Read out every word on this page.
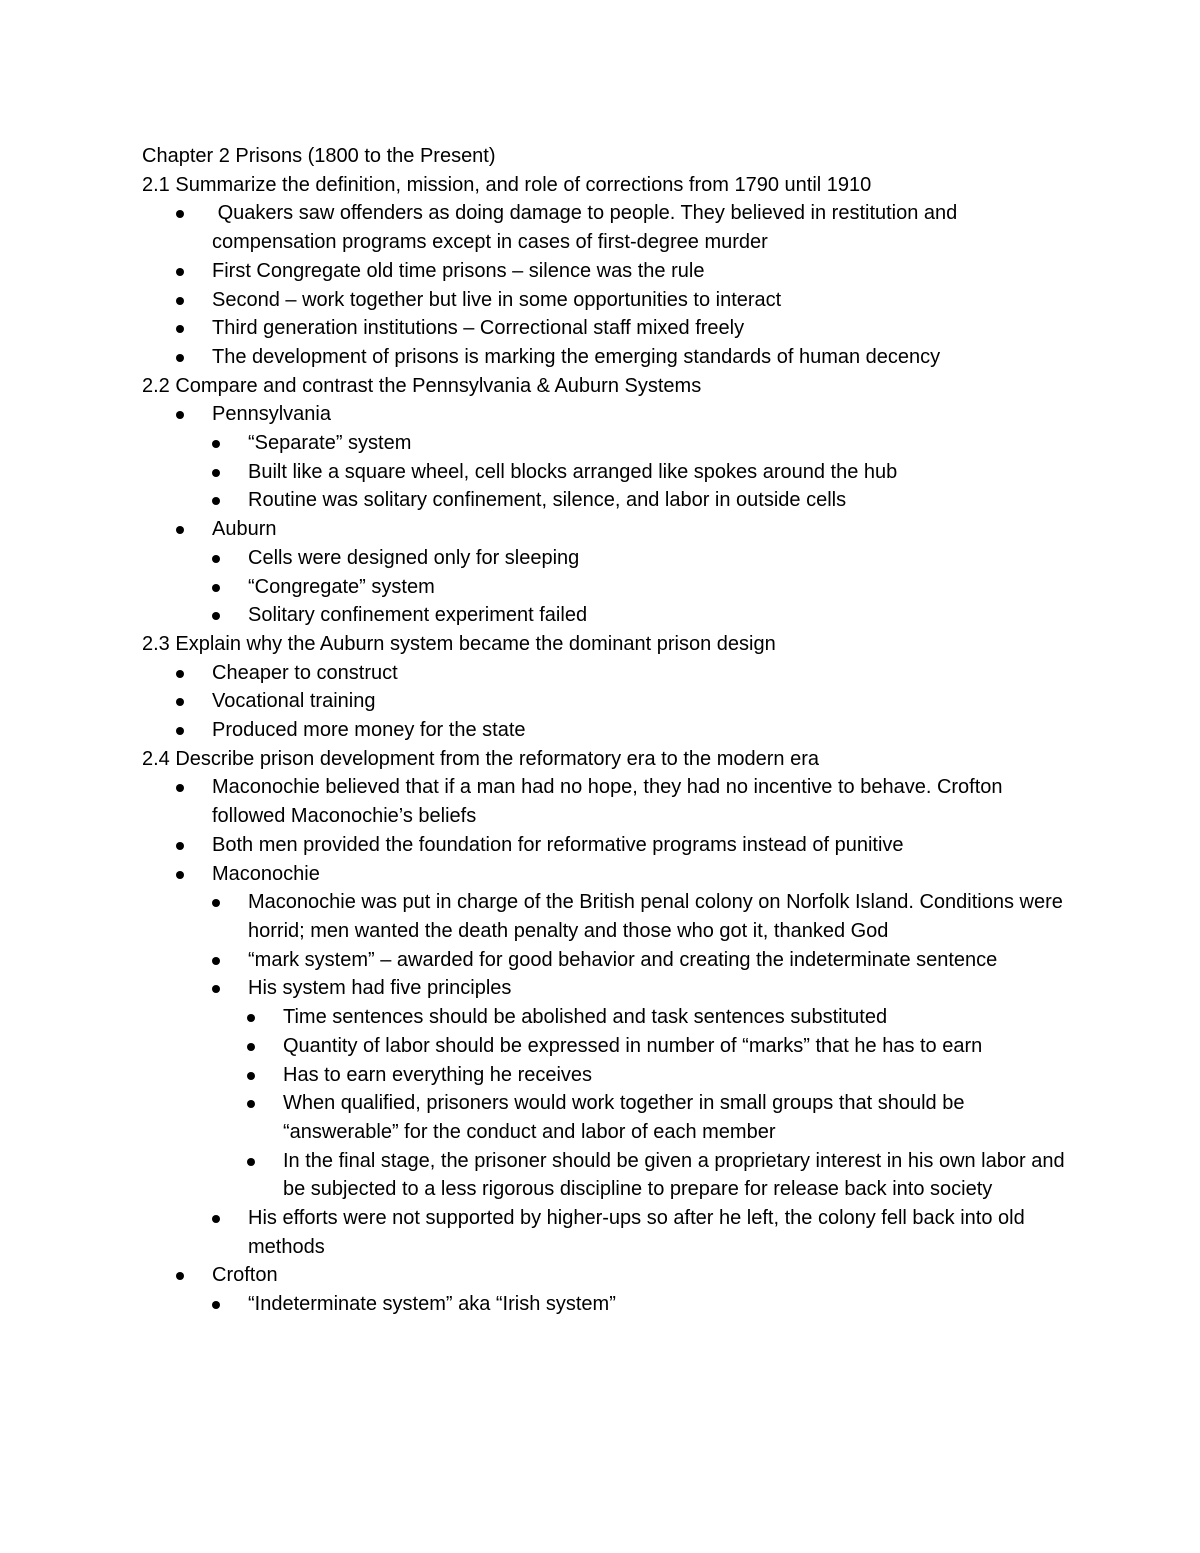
Chapter 2 Prisons (1800 to the Present)
2.1 Summarize the definition, mission, and role of corrections from 1790 until 1910
Quakers saw offenders as doing damage to people. They believed in restitution and compensation programs except in cases of first-degree murder
First Congregate old time prisons – silence was the rule
Second – work together but live in some opportunities to interact
Third generation institutions – Correctional staff mixed freely
The development of prisons is marking the emerging standards of human decency
2.2 Compare and contrast the Pennsylvania & Auburn Systems
Pennsylvania
“Separate” system
Built like a square wheel, cell blocks arranged like spokes around the hub
Routine was solitary confinement, silence, and labor in outside cells
Auburn
Cells were designed only for sleeping
“Congregate” system
Solitary confinement experiment failed
2.3 Explain why the Auburn system became the dominant prison design
Cheaper to construct
Vocational training
Produced more money for the state
2.4 Describe prison development from the reformatory era to the modern era
Maconochie believed that if a man had no hope, they had no incentive to behave. Crofton followed Maconochie’s beliefs
Both men provided the foundation for reformative programs instead of punitive
Maconochie
Maconochie was put in charge of the British penal colony on Norfolk Island. Conditions were horrid; men wanted the death penalty and those who got it, thanked God
“mark system” – awarded for good behavior and creating the indeterminate sentence
His system had five principles
Time sentences should be abolished and task sentences substituted
Quantity of labor should be expressed in number of “marks” that he has to earn
Has to earn everything he receives
When qualified, prisoners would work together in small groups that should be “answerable” for the conduct and labor of each member
In the final stage, the prisoner should be given a proprietary interest in his own labor and be subjected to a less rigorous discipline to prepare for release back into society
His efforts were not supported by higher-ups so after he left, the colony fell back into old methods
Crofton
“Indeterminate system” aka “Irish system”
